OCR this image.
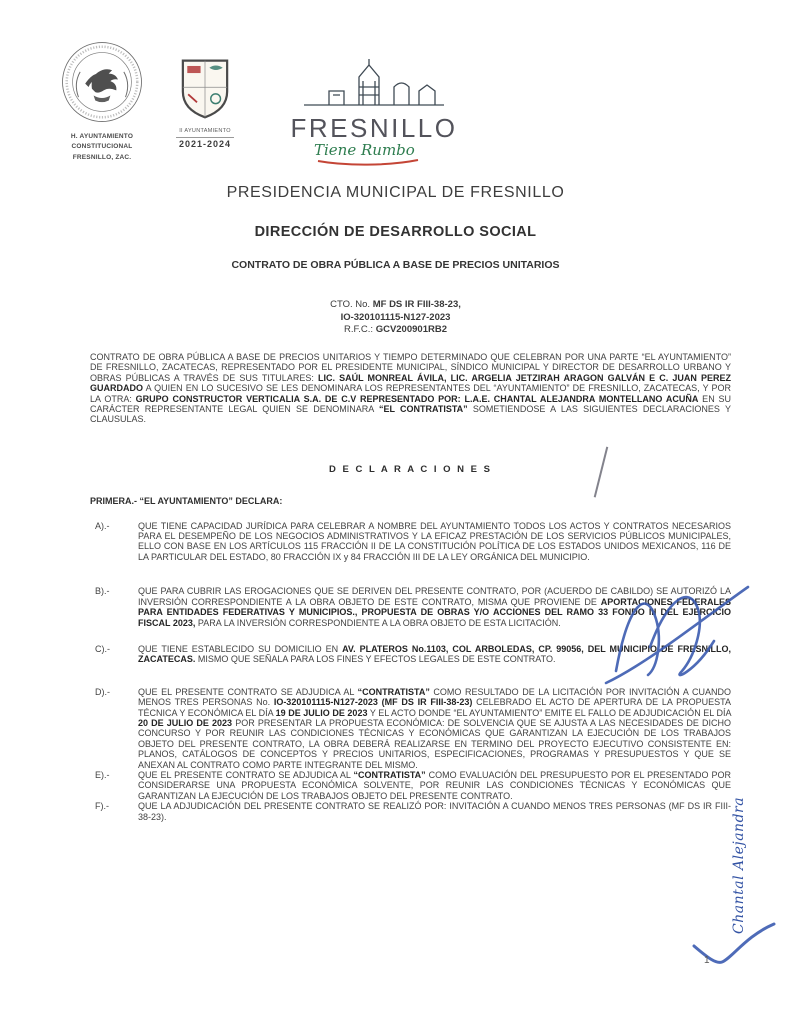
H. AYUNTAMIENTO
CONSTITUCIONAL
FRESNILLO, ZAC.
II AYUNTAMIENTO
2021-2024
FRESNILLO
Tiene Rumbo
PRESIDENCIA MUNICIPAL DE FRESNILLO
DIRECCIÓN DE DESARROLLO SOCIAL
CONTRATO DE OBRA PÚBLICA A BASE DE PRECIOS UNITARIOS
CTO. No. MF DS IR FIII-38-23,
IO-320101115-N127-2023
R.F.C.: GCV200901RB2

CONTRATO DE OBRA PÚBLICA A BASE DE PRECIOS UNITARIOS Y TIEMPO DETERMINADO QUE CELEBRAN POR UNA PARTE “EL AYUNTAMIENTO” DE FRESNILLO, ZACATECAS, REPRESENTADO POR EL PRESIDENTE MUNICIPAL, SÍNDICO MUNICIPAL Y DIRECTOR DE DESARROLLO URBANO Y OBRAS PÚBLICAS A TRAVÉS DE SUS TITULARES: LIC. SAÚL MONREAL ÁVILA, LIC. ARGELIA JETZIRAH ARAGON GALVÁN E C. JUAN PEREZ GUARDADO A QUIEN EN LO SUCESIVO SE LES DENOMINARA LOS REPRESENTANTES DEL “AYUNTAMIENTO” DE FRESNILLO, ZACATECAS, Y POR LA OTRA: GRUPO CONSTRUCTOR VERTICALIA S.A. DE C.V REPRESENTADO POR: L.A.E. CHANTAL ALEJANDRA MONTELLANO ACUÑA EN SU CARÁCTER REPRESENTANTE LEGAL QUIEN SE DENOMINARA “EL CONTRATISTA” SOMETIENDOSE A LAS SIGUIENTES DECLARACIONES Y CLAUSULAS.

D E C L A R A C I O N E S
PRIMERA.- “EL AYUNTAMIENTO” DECLARA:
A).-	QUE TIENE CAPACIDAD JURÍDICA PARA CELEBRAR A NOMBRE DEL AYUNTAMIENTO TODOS LOS ACTOS Y CONTRATOS NECESARIOS PARA EL DESEMPEÑO DE LOS NEGOCIOS ADMINISTRATIVOS Y LA EFICAZ PRESTACIÓN DE LOS SERVICIOS PÚBLICOS MUNICIPALES, ELLO CON BASE EN LOS ARTÍCULOS 115 FRACCIÓN II DE LA CONSTITUCIÓN POLÍTICA DE LOS ESTADOS UNIDOS MEXICANOS, 116 DE LA PARTICULAR DEL ESTADO, 80 FRACCIÓN IX y 84 FRACCIÓN III DE LA LEY ORGÁNICA DEL MUNICIPIO.
B).-	QUE PARA CUBRIR LAS EROGACIONES QUE SE DERIVEN DEL PRESENTE CONTRATO, POR (ACUERDO DE CABILDO) SE AUTORIZÓ LA INVERSIÓN CORRESPONDIENTE A LA OBRA OBJETO DE ESTE CONTRATO, MISMA QUE PROVIENE DE APORTACIONES FEDERALES PARA ENTIDADES FEDERATIVAS Y MUNICIPIOS., PROPUESTA DE OBRAS Y/O ACCIONES DEL RAMO 33 FONDO III DEL EJERCICIO FISCAL 2023, PARA LA INVERSIÓN CORRESPONDIENTE A LA OBRA OBJETO DE ESTA LICITACIÓN.
C).-	QUE TIENE ESTABLECIDO SU DOMICILIO EN AV. PLATEROS No.1103, COL ARBOLEDAS, CP. 99056, DEL MUNICIPIO DE FRESNILLO, ZACATECAS. MISMO QUE SEÑALA PARA LOS FINES Y EFECTOS LEGALES DE ESTE CONTRATO.
D).-	QUE EL PRESENTE CONTRATO SE ADJUDICA AL “CONTRATISTA” COMO RESULTADO DE LA LICITACIÓN POR INVITACIÓN A CUANDO MENOS TRES PERSONAS No. IO-320101115-N127-2023 (MF DS IR FIII-38-23) CELEBRADO EL ACTO DE APERTURA DE LA PROPUESTA TÉCNICA Y ECONÓMICA EL DÍA 19 DE JULIO DE 2023 Y EL ACTO DONDE “EL AYUNTAMIENTO” EMITE EL FALLO DE ADJUDICACIÓN EL DÍA 20 DE JULIO DE 2023 POR PRESENTAR LA PROPUESTA ECONÓMICA: DE SOLVENCIA QUE SE AJUSTA A LAS NECESIDADES DE DICHO CONCURSO Y POR REUNIR LAS CONDICIONES TÉCNICAS Y ECONÓMICAS QUE GARANTIZAN LA EJECUCIÓN DE LOS TRABAJOS OBJETO DEL PRESENTE CONTRATO, LA OBRA DEBERÁ REALIZARSE EN TERMINO DEL PROYECTO EJECUTIVO CONSISTENTE EN: PLANOS, CATÁLOGOS DE CONCEPTOS Y PRECIOS UNITARIOS, ESPECIFICACIONES, PROGRAMAS Y PRESUPUESTOS Y QUE SE ANEXAN AL CONTRATO COMO PARTE INTEGRANTE DEL MISMO.
E).-	QUE EL PRESENTE CONTRATO SE ADJUDICA AL “CONTRATISTA” COMO EVALUACIÓN DEL PRESUPUESTO POR EL PRESENTADO POR CONSIDERARSE UNA PROPUESTA ECONÓMICA SOLVENTE, POR REUNIR LAS CONDICIONES TÉCNICAS Y ECONÓMICAS QUE GARANTIZAN LA EJECUCIÓN DE LOS TRABAJOS OBJETO DEL PRESENTE CONTRATO.
F).-	QUE LA ADJUDICACIÓN DEL PRESENTE CONTRATO SE REALIZÓ POR: INVITACIÓN A CUANDO MENOS TRES PERSONAS (MF DS IR FIII-38-23).	Chantal Alejandra
1
